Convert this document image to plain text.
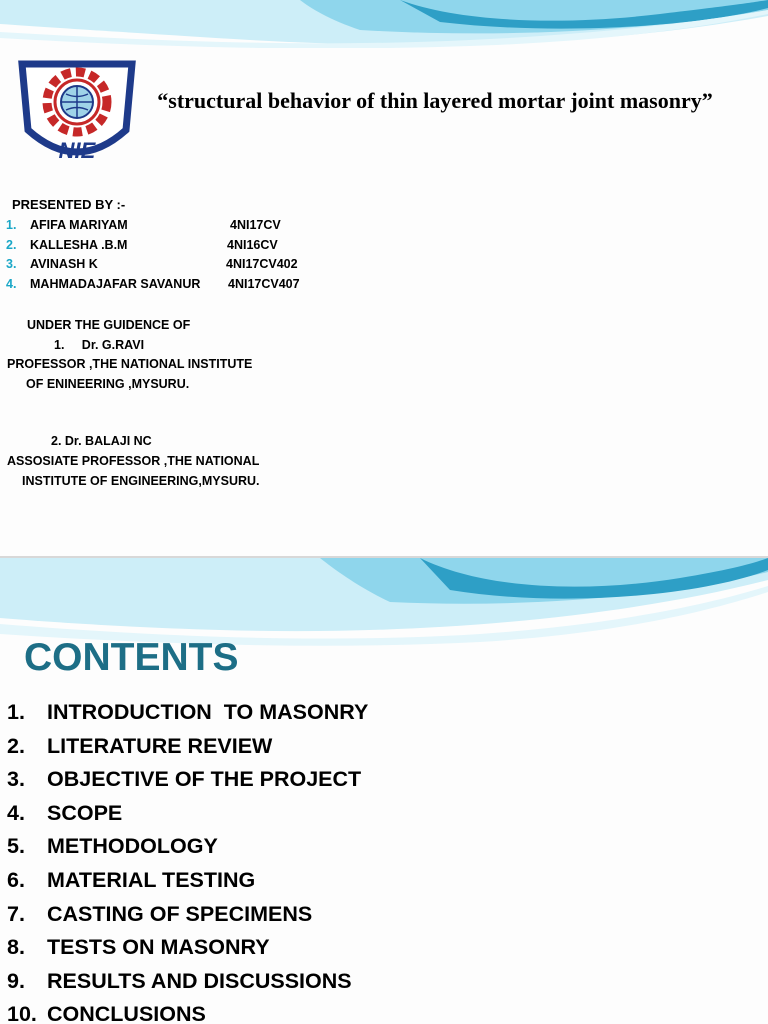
NIE
“structural behavior of thin layered mortar joint masonry”
PRESENTED BY :-
1. AFIFA MARIYAM	4NI17CV
2. KALLESHA .B.M	4NI16CV
3. AVINASH K	4NI17CV402
4. MAHMADAJAFAR SAVANUR 4NI17CV407
UNDER THE GUIDENCE OF
1.     Dr. G.RAVI
PROFESSOR ,THE NATIONAL INSTITUTE
OF ENINEERING ,MYSURU.
2. Dr. BALAJI NC
ASSOSIATE PROFESSOR ,THE NATIONAL
INSTITUTE OF ENGINEERING,MYSURU.
CONTENTS
1. INTRODUCTION  TO MASONRY
2. LITERATURE REVIEW
3. OBJECTIVE OF THE PROJECT
4. SCOPE
5. METHODOLOGY
6. MATERIAL TESTING
7. CASTING OF SPECIMENS
8. TESTS ON MASONRY
9. RESULTS AND DISCUSSIONS
10. CONCLUSIONS
